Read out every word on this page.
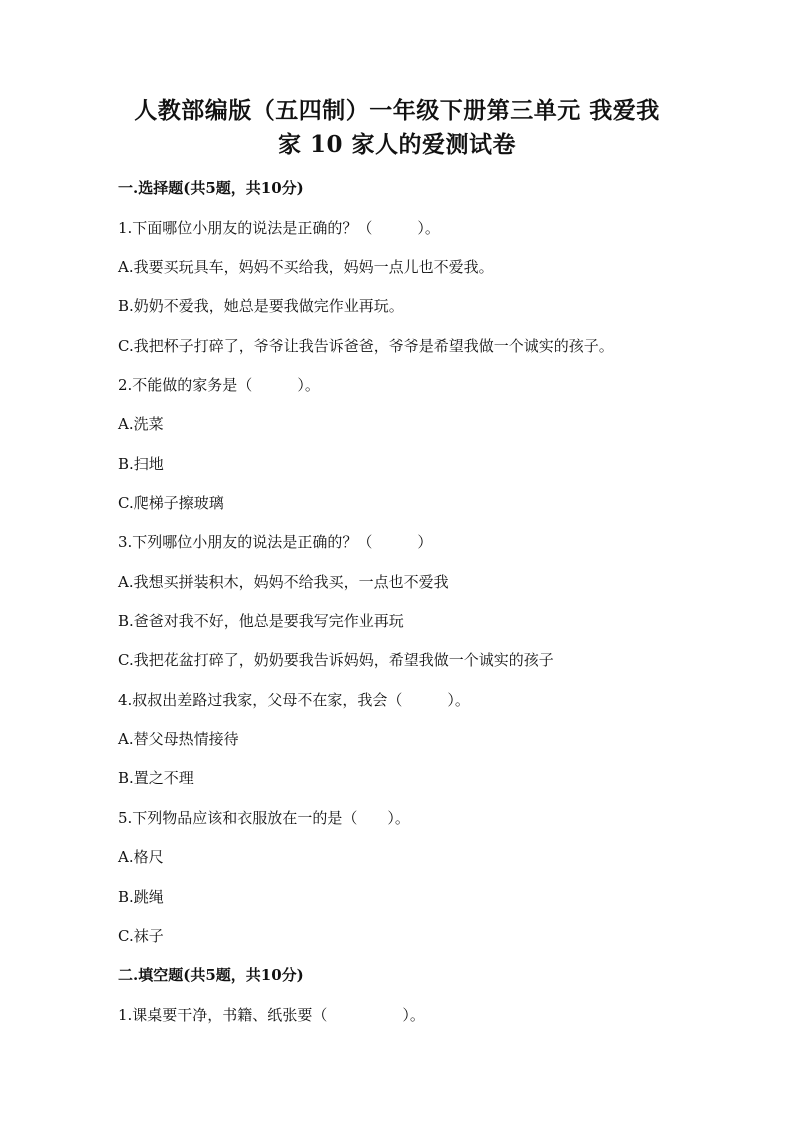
人教部编版（五四制）一年级下册第三单元 我爱我
家 10 家人的爱测试卷
一.选择题(共5题，共10分)
1.下面哪位小朋友的说法是正确的？（　　　）。
A.我要买玩具车，妈妈不买给我，妈妈一点儿也不爱我。
B.奶奶不爱我，她总是要我做完作业再玩。
C.我把杯子打碎了，爷爷让我告诉爸爸，爷爷是希望我做一个诚实的孩子。
2.不能做的家务是（　　　）。
A.洗菜
B.扫地
C.爬梯子擦玻璃
3.下列哪位小朋友的说法是正确的？（　　　）
A.我想买拼装积木，妈妈不给我买，一点也不爱我
B.爸爸对我不好，他总是要我写完作业再玩
C.我把花盆打碎了，奶奶要我告诉妈妈，希望我做一个诚实的孩子
4.叔叔出差路过我家，父母不在家，我会（　　　）。
A.替父母热情接待
B.置之不理
5.下列物品应该和衣服放在一的是（　　）。
A.格尺
B.跳绳
C.袜子
二.填空题(共5题，共10分)
1.课桌要干净，书籍、纸张要（　　　　　）。
